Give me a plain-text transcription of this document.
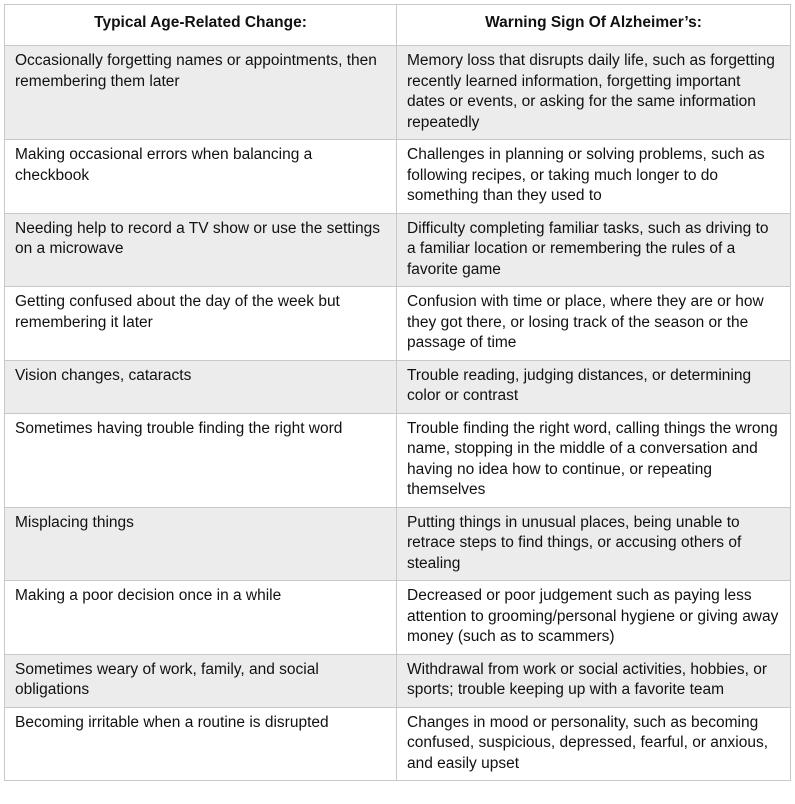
Typical Age-Related Change:	Warning Sign Of Alzheimer’s:
Occasionally forgetting names or appointments, then remembering them later	Memory loss that disrupts daily life, such as forgetting recently learned information, forgetting important dates or events, or asking for the same information repeatedly
Making occasional errors when balancing a checkbook	Challenges in planning or solving problems, such as following recipes, or taking much longer to do something than they used to
Needing help to record a TV show or use the settings on a microwave	Difficulty completing familiar tasks, such as driving to a familiar location or remembering the rules of a favorite game
Getting confused about the day of the week but remembering it later	Confusion with time or place, where they are or how they got there, or losing track of the season or the passage of time
Vision changes, cataracts	Trouble reading, judging distances, or determining color or contrast
Sometimes having trouble finding the right word	Trouble finding the right word, calling things the wrong name, stopping in the middle of a conversation and having no idea how to continue, or repeating themselves
Misplacing things	Putting things in unusual places, being unable to retrace steps to find things, or accusing others of stealing
Making a poor decision once in a while	Decreased or poor judgement such as paying less attention to grooming/personal hygiene or giving away money (such as to scammers)
Sometimes weary of work, family, and social obligations	Withdrawal from work or social activities, hobbies, or sports; trouble keeping up with a favorite team
Becoming irritable when a routine is disrupted	Changes in mood or personality, such as becoming confused, suspicious, depressed, fearful, or anxious, and easily upset
